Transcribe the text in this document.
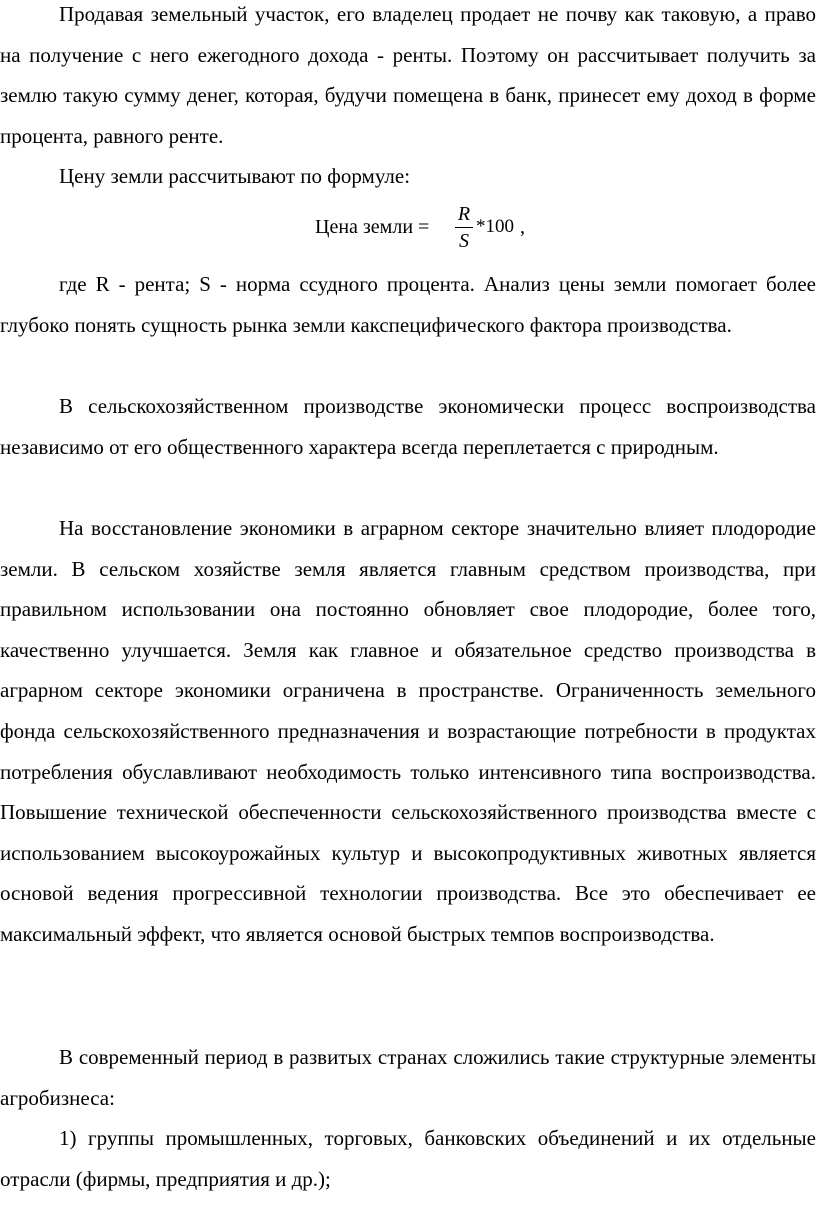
Продавая земельный участок, его владелец продает не почву как таковую, а право на получение с него ежегодного дохода - ренты. Поэтому он рассчитывает получить за землю такую сумму денег, которая, будучи помещена в банк, принесет ему доход в форме процента, равного ренте.

Цену земли рассчитывают по формуле:

Цена земли =
R
S
*100 ,

где R - рента; S - норма ссудного процента. Анализ цены земли помогает более глубоко понять сущность рынка земли какспецифического фактора производства.

В сельскохозяйственном производстве экономически процесс воспроизводства независимо от его общественного характера всегда переплетается с природным.

На восстановление экономики в аграрном секторе значительно влияет плодородие земли. В сельском хозяйстве земля является главным средством производства, при правильном использовании она постоянно обновляет свое плодородие, более того, качественно улучшается. Земля как главное и обязательное средство производства в аграрном секторе экономики ограничена в пространстве. Ограниченность земельного фонда сельскохозяйственного предназначения и возрастающие потребности в продуктах потребления обуславливают необходимость только интенсивного типа воспроизводства. Повышение технической обеспеченности сельскохозяйственного производства вместе с использованием высокоурожайных культур и высокопродуктивных животных является основой ведения прогрессивной технологии производства. Все это обеспечивает ее максимальный эффект, что является основой быстрых темпов воспроизводства.

В современный период в развитых странах сложились такие структурные элементы агробизнеса:

1) группы промышленных, торговых, банковских объединений и их отдельные отрасли (фирмы, предприятия и др.);
